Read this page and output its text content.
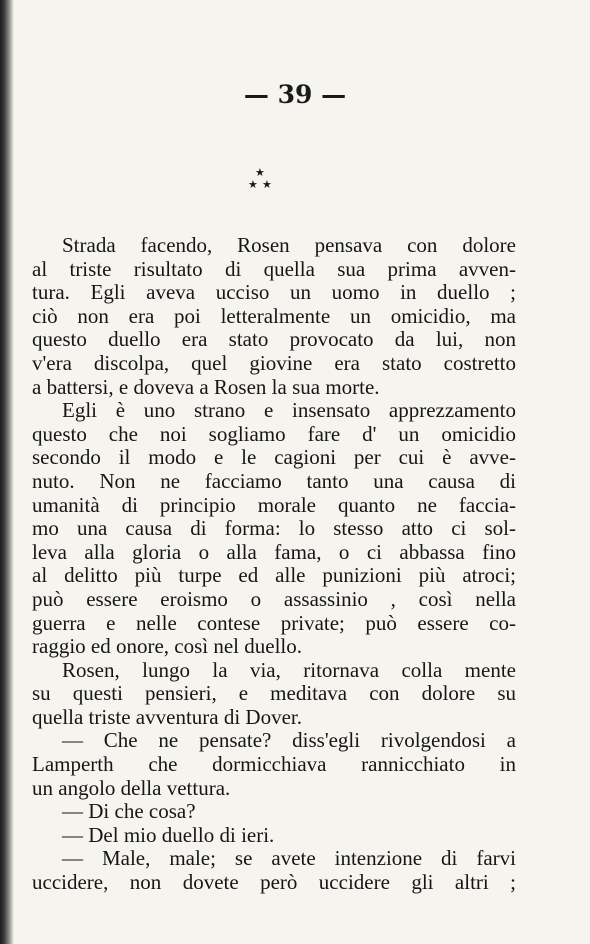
— 39 —
★
★ ★
Strada facendo, Rosen pensava con dolore
al triste risultato di quella sua prima avven-
tura. Egli aveva ucciso un uomo in duello ;
ciò non era poi letteralmente un omicidio, ma
questo duello era stato provocato da lui, non
v'era discolpa, quel giovine era stato costretto
a battersi, e doveva a Rosen la sua morte.
Egli è uno strano e insensato apprezzamento
questo che noi sogliamo fare d' un omicidio
secondo il modo e le cagioni per cui è avve-
nuto. Non ne facciamo tanto una causa di
umanità di principio morale quanto ne faccia-
mo una causa di forma: lo stesso atto ci sol-
leva alla gloria o alla fama, o ci abbassa fino
al delitto più turpe ed alle punizioni più atroci;
può essere eroismo o assassinio , così nella
guerra e nelle contese private; può essere co-
raggio ed onore, così nel duello.
Rosen, lungo la via, ritornava colla mente
su questi pensieri, e meditava con dolore su
quella triste avventura di Dover.
— Che ne pensate? diss'egli rivolgendosi a
Lamperth che dormicchiava rannicchiato in
un angolo della vettura.
— Di che cosa?
— Del mio duello di ieri.
— Male, male; se avete intenzione di farvi
uccidere, non dovete però uccidere gli altri ;
